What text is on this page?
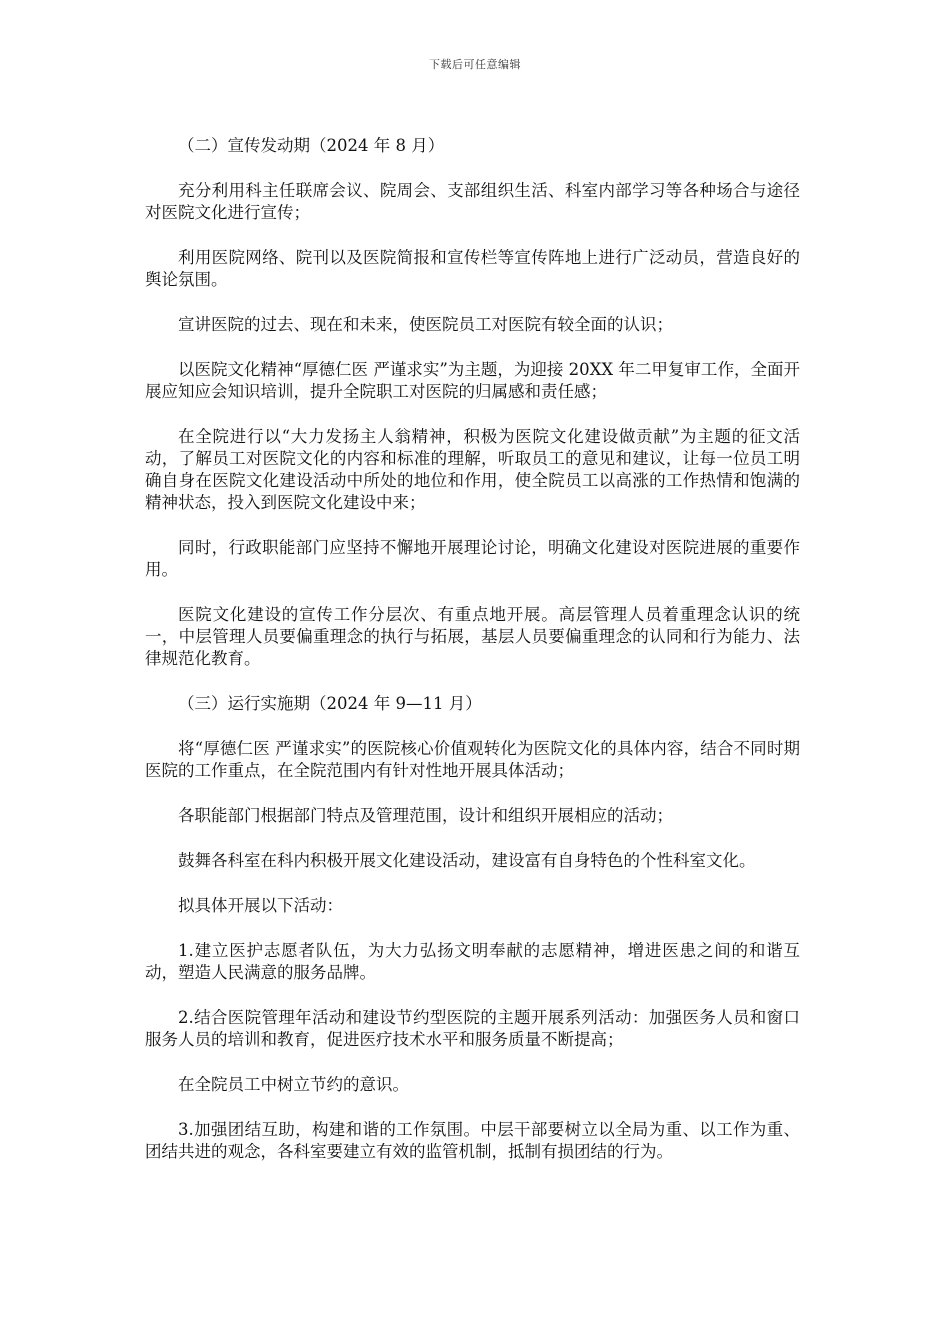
下载后可任意编辑

（二）宣传发动期（2024 年 8 月）

充分利用科主任联席会议、院周会、支部组织生活、科室内部学习等各种场合与途径对医院文化进行宣传；

利用医院网络、院刊以及医院简报和宣传栏等宣传阵地上进行广泛动员，营造良好的舆论氛围。

宣讲医院的过去、现在和未来，使医院员工对医院有较全面的认识；

以医院文化精神“厚德仁医 严谨求实”为主题，为迎接 20XX 年二甲复审工作，全面开展应知应会知识培训，提升全院职工对医院的归属感和责任感；

在全院进行以“大力发扬主人翁精神，积极为医院文化建设做贡献”为主题的征文活动，了解员工对医院文化的内容和标准的理解，听取员工的意见和建议，让每一位员工明确自身在医院文化建设活动中所处的地位和作用，使全院员工以高涨的工作热情和饱满的精神状态，投入到医院文化建设中来；

同时，行政职能部门应坚持不懈地开展理论讨论，明确文化建设对医院进展的重要作用。

医院文化建设的宣传工作分层次、有重点地开展。高层管理人员着重理念认识的统一，中层管理人员要偏重理念的执行与拓展，基层人员要偏重理念的认同和行为能力、法律规范化教育。

（三）运行实施期（2024 年 9—11 月）

将“厚德仁医 严谨求实”的医院核心价值观转化为医院文化的具体内容，结合不同时期医院的工作重点，在全院范围内有针对性地开展具体活动；

各职能部门根据部门特点及管理范围，设计和组织开展相应的活动；

鼓舞各科室在科内积极开展文化建设活动，建设富有自身特色的个性科室文化。

拟具体开展以下活动：

1.建立医护志愿者队伍，为大力弘扬文明奉献的志愿精神，增进医患之间的和谐互动，塑造人民满意的服务品牌。

2.结合医院管理年活动和建设节约型医院的主题开展系列活动：加强医务人员和窗口服务人员的培训和教育，促进医疗技术水平和服务质量不断提高；

在全院员工中树立节约的意识。

3.加强团结互助，构建和谐的工作氛围。中层干部要树立以全局为重、以工作为重、团结共进的观念，各科室要建立有效的监管机制，抵制有损团结的行为。
